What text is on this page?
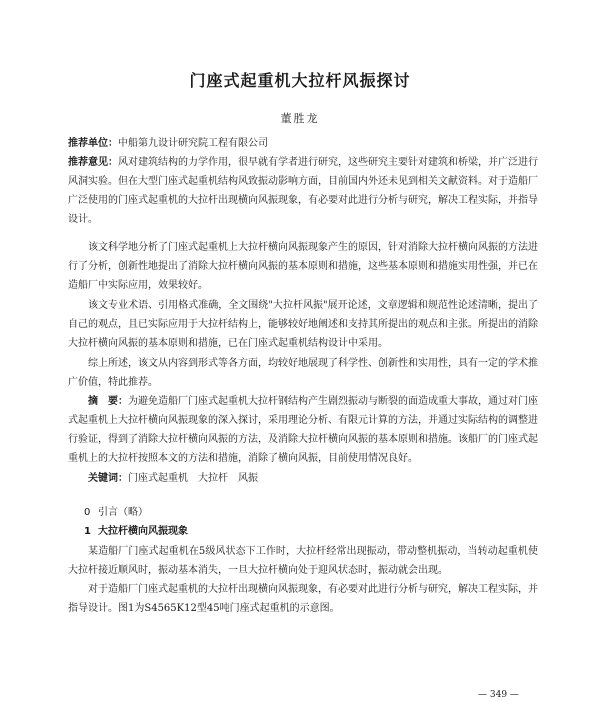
门座式起重机大拉杆风振探讨
董胜龙

推荐单位：中船第九设计研究院工程有限公司

推荐意见：风对建筑结构的力学作用，很早就有学者进行研究，这些研究主要针对建筑和桥梁，并广泛进行风洞实验。但在大型门座式起重机结构风致振动影响方面，目前国内外还未见到相关文献资料。对于造船厂广泛使用的门座式起重机的大拉杆出现横向风振现象，有必要对此进行分析与研究，解决工程实际，并指导设计。

该文科学地分析了门座式起重机上大拉杆横向风振现象产生的原因，针对消除大拉杆横向风振的方法进行了分析，创新性地提出了消除大拉杆横向风振的基本原则和措施，这些基本原则和措施实用性强，并已在造船厂中实际应用，效果较好。

该文专业术语、引用格式准确，全文围绕"大拉杆风振"展开论述，文章逻辑和规范性论述清晰，提出了自己的观点，且已实际应用于大拉杆结构上，能够较好地阐述和支持其所提出的观点和主张。所提出的消除大拉杆横向风振的基本原则和措施，已在门座式起重机结构设计中采用。

综上所述，该文从内容到形式等各方面，均较好地展现了科学性、创新性和实用性，具有一定的学术推广价值，特此推荐。

摘　要：为避免造船厂门座式起重机大拉杆钢结构产生剧烈振动与断裂的面造成重大事故，通过对门座式起重机上大拉杆横向风振现象的深入探讨，采用理论分析、有限元计算的方法，并通过实际结构的调整进行验证，得到了消除大拉杆横向风振的方法，及消除大拉杆横向风振的基本原则和措施。该船厂的门座式起重机上的大拉杆按照本文的方法和措施，消除了横向风振，目前使用情况良好。

关键词：门座式起重机　大拉杆　风振

0 引言（略）

1 大拉杆横向风振现象

某造船厂门座式起重机在5级风状态下工作时，大拉杆经常出现振动，带动整机振动，当转动起重机使大拉杆接近顺风时，振动基本消失，一旦大拉杆横向处于迎风状态时，振动就会出现。

对于造船厂门座式起重机的大拉杆出现横向风振现象，有必要对此进行分析与研究，解决工程实际，并指导设计。图1为S4565K12型45吨门座式起重机的示意图。

— 349 —
